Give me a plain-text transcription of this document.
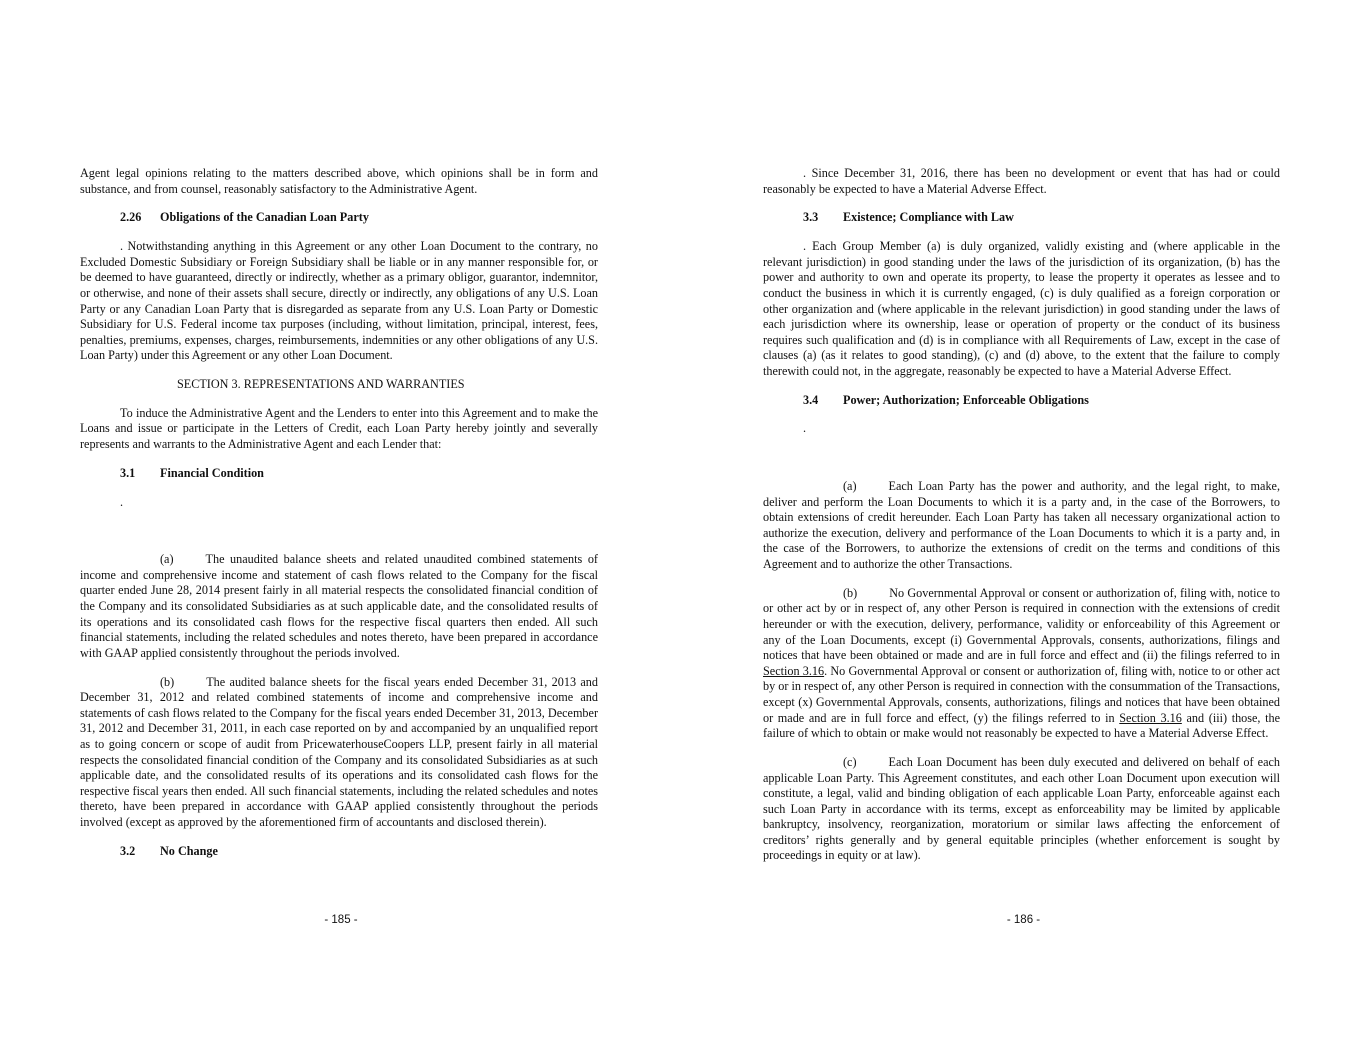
Agent legal opinions relating to the matters described above, which opinions shall be in form and substance, and from counsel, reasonably satisfactory to the Administrative Agent.

2.26 Obligations of the Canadian Loan Party

. Notwithstanding anything in this Agreement or any other Loan Document to the contrary, no Excluded Domestic Subsidiary or Foreign Subsidiary shall be liable or in any manner responsible for, or be deemed to have guaranteed, directly or indirectly, whether as a primary obligor, guarantor, indemnitor, or otherwise, and none of their assets shall secure, directly or indirectly, any obligations of any U.S. Loan Party or any Canadian Loan Party that is disregarded as separate from any U.S. Loan Party or Domestic Subsidiary for U.S. Federal income tax purposes (including, without limitation, principal, interest, fees, penalties, premiums, expenses, charges, reimbursements, indemnities or any other obligations of any U.S. Loan Party) under this Agreement or any other Loan Document.

SECTION 3. REPRESENTATIONS AND WARRANTIES

To induce the Administrative Agent and the Lenders to enter into this Agreement and to make the Loans and issue or participate in the Letters of Credit, each Loan Party hereby jointly and severally represents and warrants to the Administrative Agent and each Lender that:

3.1 Financial Condition
.

(a)	The unaudited balance sheets and related unaudited combined statements of income and comprehensive income and statement of cash flows related to the Company for the fiscal quarter ended June 28, 2014 present fairly in all material respects the consolidated financial condition of the Company and its consolidated Subsidiaries as at such applicable date, and the consolidated results of its operations and its consolidated cash flows for the respective fiscal quarters then ended. All such financial statements, including the related schedules and notes thereto, have been prepared in accordance with GAAP applied consistently throughout the periods involved.

(b)	The audited balance sheets for the fiscal years ended December 31, 2013 and December 31, 2012 and related combined statements of income and comprehensive income and statements of cash flows related to the Company for the fiscal years ended December 31, 2013, December 31, 2012 and December 31, 2011, in each case reported on by and accompanied by an unqualified report as to going concern or scope of audit from PricewaterhouseCoopers LLP, present fairly in all material respects the consolidated financial condition of the Company and its consolidated Subsidiaries as at such applicable date, and the consolidated results of its operations and its consolidated cash flows for the respective fiscal years then ended. All such financial statements, including the related schedules and notes thereto, have been prepared in accordance with GAAP applied consistently throughout the periods involved (except as approved by the aforementioned firm of accountants and disclosed therein).

3.2 No Change
- 185 -

. Since December 31, 2016, there has been no development or event that has had or could reasonably be expected to have a Material Adverse Effect.

3.3 Existence; Compliance with Law

. Each Group Member (a) is duly organized, validly existing and (where applicable in the relevant jurisdiction) in good standing under the laws of the jurisdiction of its organization, (b) has the power and authority to own and operate its property, to lease the property it operates as lessee and to conduct the business in which it is currently engaged, (c) is duly qualified as a foreign corporation or other organization and (where applicable in the relevant jurisdiction) in good standing under the laws of each jurisdiction where its ownership, lease or operation of property or the conduct of its business requires such qualification and (d) is in compliance with all Requirements of Law, except in the case of clauses (a) (as it relates to good standing), (c) and (d) above, to the extent that the failure to comply therewith could not, in the aggregate, reasonably be expected to have a Material Adverse Effect.

3.4 Power; Authorization; Enforceable Obligations
.

(a)	Each Loan Party has the power and authority, and the legal right, to make, deliver and perform the Loan Documents to which it is a party and, in the case of the Borrowers, to obtain extensions of credit hereunder. Each Loan Party has taken all necessary organizational action to authorize the execution, delivery and performance of the Loan Documents to which it is a party and, in the case of the Borrowers, to authorize the extensions of credit on the terms and conditions of this Agreement and to authorize the other Transactions.

(b)	No Governmental Approval or consent or authorization of, filing with, notice to or other act by or in respect of, any other Person is required in connection with the extensions of credit hereunder or with the execution, delivery, performance, validity or enforceability of this Agreement or any of the Loan Documents, except (i) Governmental Approvals, consents, authorizations, filings and notices that have been obtained or made and are in full force and effect and (ii) the filings referred to in Section 3.16. No Governmental Approval or consent or authorization of, filing with, notice to or other act by or in respect of, any other Person is required in connection with the consummation of the Transactions, except (x) Governmental Approvals, consents, authorizations, filings and notices that have been obtained or made and are in full force and effect, (y) the filings referred to in Section 3.16 and (iii) those, the failure of which to obtain or make would not reasonably be expected to have a Material Adverse Effect.

(c)	Each Loan Document has been duly executed and delivered on behalf of each applicable Loan Party. This Agreement constitutes, and each other Loan Document upon execution will constitute, a legal, valid and binding obligation of each applicable Loan Party, enforceable against each such Loan Party in accordance with its terms, except as enforceability may be limited by applicable bankruptcy, insolvency, reorganization, moratorium or similar laws affecting the enforcement of creditors’ rights generally and by general equitable principles (whether enforcement is sought by proceedings in equity or at law).

- 186 -
